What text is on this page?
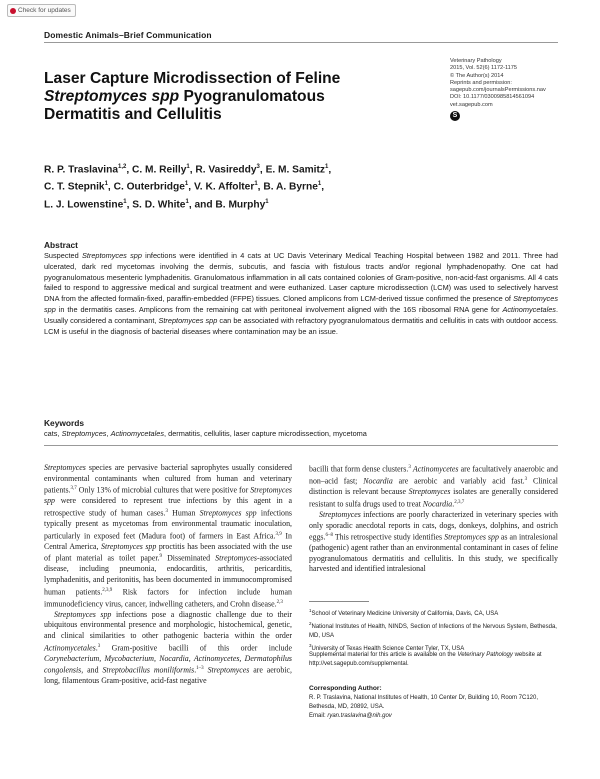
Check for updates
Domestic Animals–Brief Communication
Laser Capture Microdissection of Feline
Streptomyces spp Pyogranulomatous
Dermatitis and Cellulitis
Veterinary Pathology
2015, Vol. 52(6) 1172-1175
© The Author(s) 2014
Reprints and permission:
sagepub.com/journalsPermissions.nav
DOI: 10.1177/0300985814561094
vet.sagepub.com
S
R. P. Traslavina$^{1,2}$, C. M. Reilly$^1$, R. Vasireddy$^3$, E. M. Samitz$^1$,
C. T. Stepnik$^1$, C. Outerbridge$^1$, V. K. Affolter$^1$, B. A. Byrne$^1$,
L. J. Lowenstine$^1$, S. D. White$^1$, and B. Murphy$^1$
Abstract
Suspected Streptomyces spp infections were identified in 4 cats at UC Davis Veterinary Medical Teaching Hospital between 1982 and 2011. Three had ulcerated, dark red mycetomas involving the dermis, subcutis, and fascia with fistulous tracts and/or regional lymphadenopathy. One cat had pyogranulomatous mesenteric lymphadenitis. Granulomatous inflammation in all cats contained colonies of Gram-positive, non-acid-fast organisms. All 4 cats failed to respond to aggressive medical and surgical treatment and were euthanized. Laser capture microdissection (LCM) was used to selectively harvest DNA from the affected formalin-fixed, paraffin-embedded (FFPE) tissues. Cloned amplicons from LCM-derived tissue confirmed the presence of Streptomyces spp in the dermatitis cases. Amplicons from the remaining cat with peritoneal involvement aligned with the 16S ribosomal RNA gene for Actinomycetales. Usually considered a contaminant, Streptomyces spp can be associated with refractory pyogranulomatous dermatitis and cellulitis in cats with outdoor access. LCM is useful in the diagnosis of bacterial diseases where contamination may be an issue.
Keywords
cats, Streptomyces, Actinomycetales, dermatitis, cellulitis, laser capture microdissection, mycetoma

Streptomyces species are pervasive bacterial saprophytes usually considered environmental contaminants when cultured from human and veterinary patients.$^{3,7}$ Only 13% of microbial cultures that were positive for Streptomyces spp were considered to represent true infections by this agent in a retrospective study of human cases.$^3$ Human Streptomyces spp infections typically present as mycetomas from environmental traumatic inoculation, particularly in exposed feet (Madura foot) of farmers in East Africa.$^{3,9}$ In Central America, Streptomyces spp proctitis has been associated with the use of plant material as toilet paper.$^9$ Disseminated Streptomyces-associated disease, including pneumonia, endocarditis, arthritis, pericarditis, lymphadenitis, and peritonitis, has been documented in immunocompromised human patients.$^{2,3,9}$ Risk factors for infection include human immunodeficiency virus, cancer, indwelling catheters, and Crohn disease.$^{2,3}$

Streptomyces spp infections pose a diagnostic challenge due to their ubiquitous environmental presence and morphologic, histochemical, genetic, and clinical similarities to other pathogenic bacteria within the order Actinomycetales.$^3$ Gram-positive bacilli of this order include Corynebacterium, Mycobacterium, Nocardia, Actinomycetes, Dermatophilus congolensis, and Streptobacillus moniliformis.$^{1-3}$ Streptomyces are aerobic, long, filamentous Gram-positive, acid-fast negative

bacilli that form dense clusters.$^3$ Actinomycetes are facultatively anaerobic and non–acid fast; Nocardia are aerobic and variably acid fast.$^3$ Clinical distinction is relevant because Streptomyces isolates are generally considered resistant to sulfa drugs used to treat Nocardia.$^{2,3,7}$

Streptomyces infections are poorly characterized in veterinary species with only sporadic anecdotal reports in cats, dogs, donkeys, dolphins, and ostrich eggs.$^{6-8}$ This retrospective study identifies Streptomyces spp as an intralesional (pathogenic) agent rather than an environmental contaminant in cases of feline pyogranulomatous dermatitis and cellulitis. In this study, we specifically harvested and identified intralesional

$^1$School of Veterinary Medicine University of California, Davis, CA, USA
$^2$National Institutes of Health, NINDS, Section of Infections of the Nervous System, Bethesda, MD, USA
$^3$University of Texas Health Science Center Tyler, TX, USA
Supplemental material for this article is available on the Veterinary Pathology website at http://vet.sagepub.com/supplemental.
Corresponding Author:
R. P. Traslavina, National Institutes of Health, 10 Center Dr, Building 10, Room 7C120, Bethesda, MD, 20892, USA.
Email: ryan.traslavina@nih.gov
